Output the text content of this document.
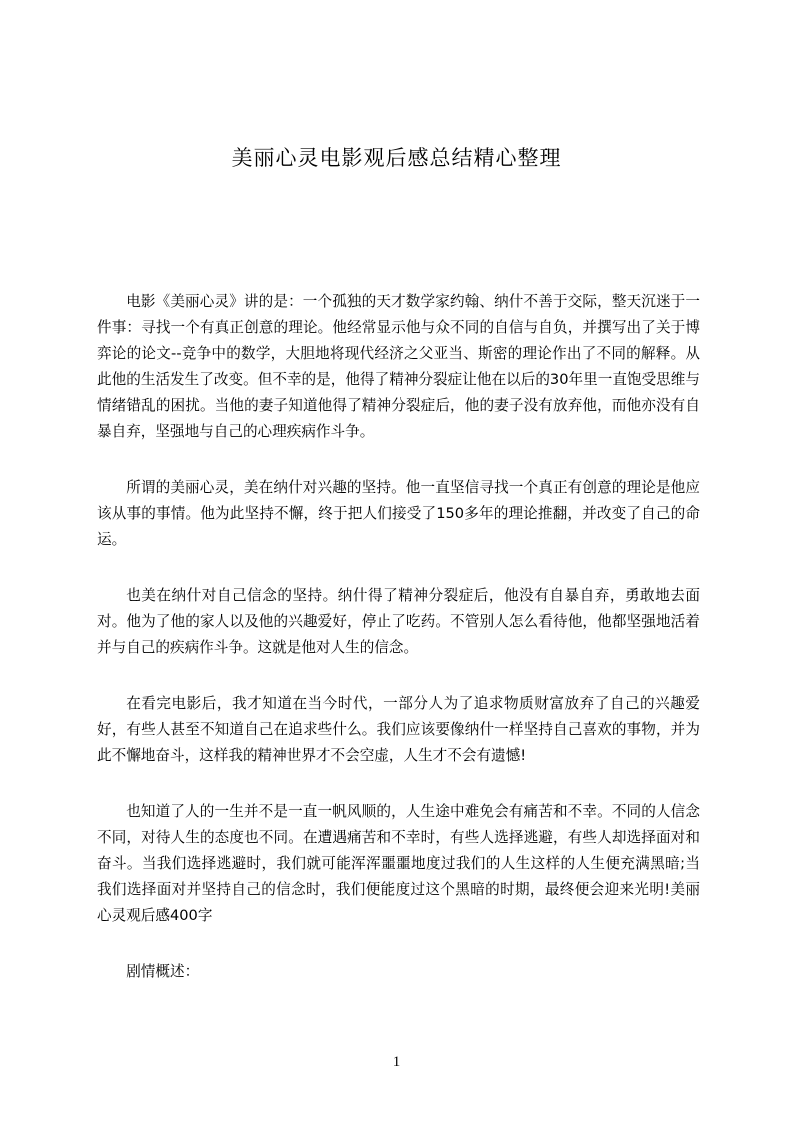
美丽心灵电影观后感总结精心整理

电影《美丽心灵》讲的是：一个孤独的天才数学家约翰、纳什不善于交际，整天沉迷于一件事：寻找一个有真正创意的理论。他经常显示他与众不同的自信与自负，并撰写出了关于博弈论的论文--竞争中的数学，大胆地将现代经济之父亚当、斯密的理论作出了不同的解释。从此他的生活发生了改变。但不幸的是，他得了精神分裂症让他在以后的30年里一直饱受思维与情绪错乱的困扰。当他的妻子知道他得了精神分裂症后，他的妻子没有放弃他，而他亦没有自暴自弃，坚强地与自己的心理疾病作斗争。

所谓的美丽心灵，美在纳什对兴趣的坚持。他一直坚信寻找一个真正有创意的理论是他应该从事的事情。他为此坚持不懈，终于把人们接受了150多年的理论推翻，并改变了自己的命运。

也美在纳什对自己信念的坚持。纳什得了精神分裂症后，他没有自暴自弃，勇敢地去面对。他为了他的家人以及他的兴趣爱好，停止了吃药。不管别人怎么看待他，他都坚强地活着并与自己的疾病作斗争。这就是他对人生的信念。

在看完电影后，我才知道在当今时代，一部分人为了追求物质财富放弃了自己的兴趣爱好，有些人甚至不知道自己在追求些什么。我们应该要像纳什一样坚持自己喜欢的事物，并为此不懈地奋斗，这样我的精神世界才不会空虚，人生才不会有遗憾!

也知道了人的一生并不是一直一帆风顺的，人生途中难免会有痛苦和不幸。不同的人信念不同，对待人生的态度也不同。在遭遇痛苦和不幸时，有些人选择逃避，有些人却选择面对和奋斗。当我们选择逃避时，我们就可能浑浑噩噩地度过我们的人生这样的人生便充满黑暗;当我们选择面对并坚持自己的信念时，我们便能度过这个黑暗的时期，最终便会迎来光明!美丽心灵观后感400字

剧情概述：

1
